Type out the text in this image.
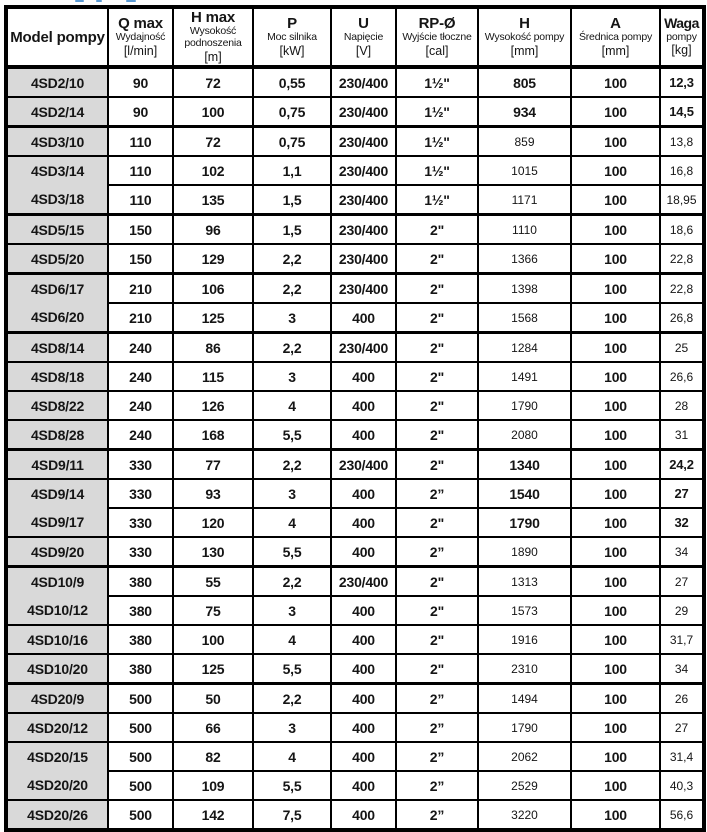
Model pompy

Q max
Wydajność
[l/min]

H max
Wysokość podnoszenia
[m]

P
Moc silnika
[kW]

U
Napięcie
[V]

RP-Ø
Wyjście tłoczne
[cal]

H
Wysokość pompy
[mm]

A
Średnica pompy
[mm]

Waga
pompy
[kg]

4SD2/10	90	72	0,55	230/400	1½"	805	100	12,3
4SD2/14	90	100	0,75	230/400	1½"	934	100	14,5
4SD3/10	110	72	0,75	230/400	1½"	859	100	13,8
4SD3/14	110	102	1,1	230/400	1½"	1015	100	16,8
4SD3/18	110	135	1,5	230/400	1½"	1171	100	18,95
4SD5/15	150	96	1,5	230/400	2"	1110	100	18,6
4SD5/20	150	129	2,2	230/400	2"	1366	100	22,8
4SD6/17	210	106	2,2	230/400	2"	1398	100	22,8
4SD6/20	210	125	3	400	2"	1568	100	26,8
4SD8/14	240	86	2,2	230/400	2"	1284	100	25
4SD8/18	240	115	3	400	2"	1491	100	26,6
4SD8/22	240	126	4	400	2"	1790	100	28
4SD8/28	240	168	5,5	400	2"	2080	100	31
4SD9/11	330	77	2,2	230/400	2"	1340	100	24,2
4SD9/14	330	93	3	400	2”	1540	100	27
4SD9/17	330	120	4	400	2"	1790	100	32
4SD9/20	330	130	5,5	400	2”	1890	100	34
4SD10/9	380	55	2,2	230/400	2"	1313	100	27
4SD10/12	380	75	3	400	2"	1573	100	29
4SD10/16	380	100	4	400	2"	1916	100	31,7
4SD10/20	380	125	5,5	400	2"	2310	100	34
4SD20/9	500	50	2,2	400	2”	1494	100	26
4SD20/12	500	66	3	400	2”	1790	100	27
4SD20/15	500	82	4	400	2”	2062	100	31,4
4SD20/20	500	109	5,5	400	2”	2529	100	40,3
4SD20/26	500	142	7,5	400	2”	3220	100	56,6
